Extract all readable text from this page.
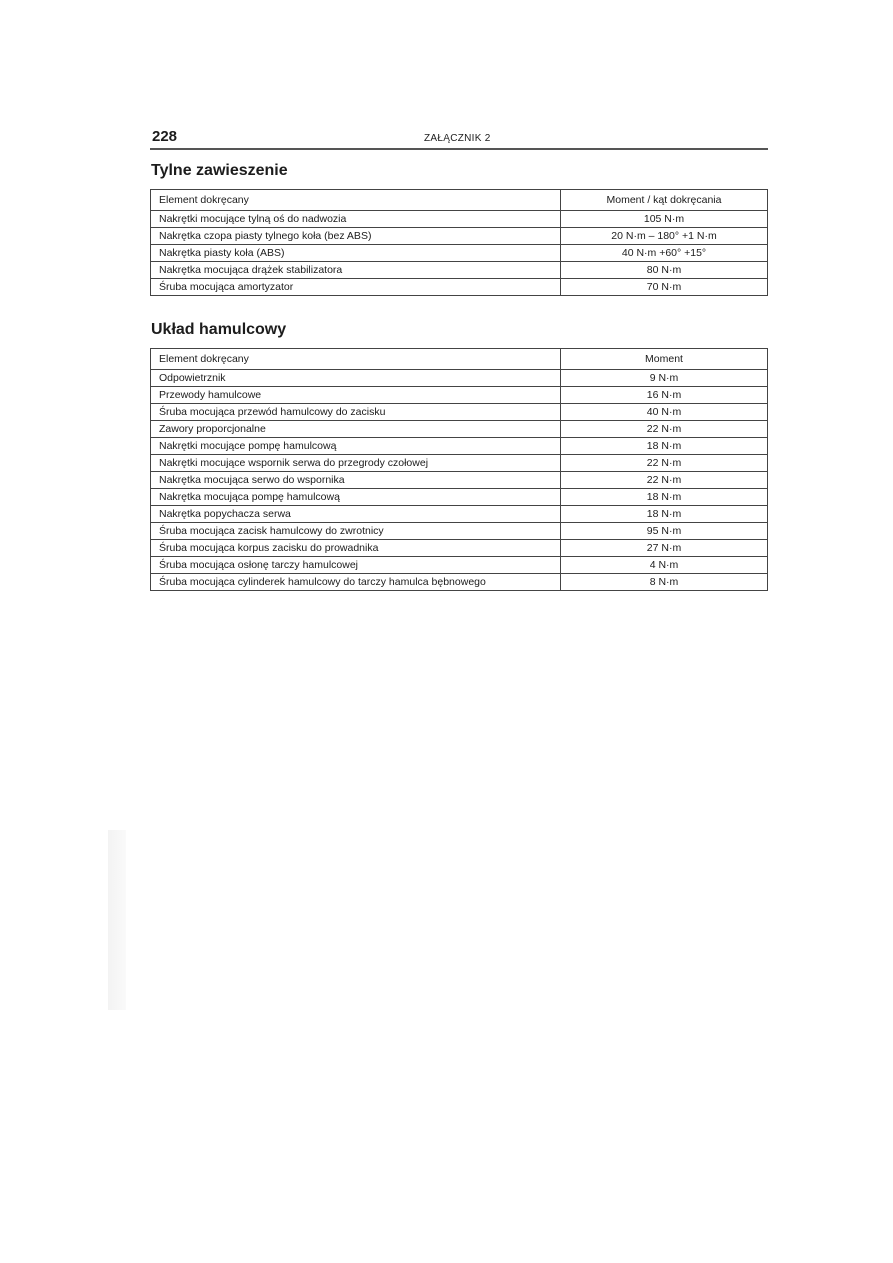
228	ZAŁĄCZNIK 2
Tylne zawieszenie
Element dokręcany	Moment / kąt dokręcania
Nakrętki mocujące tylną oś do nadwozia	105 N·m
Nakrętka czopa piasty tylnego koła (bez ABS)	20 N·m – 180° +1 N·m
Nakrętka piasty koła (ABS)	40 N·m +60° +15°
Nakrętka mocująca drążek stabilizatora	80 N·m
Śruba mocująca amortyzator	70 N·m
Układ hamulcowy
Element dokręcany	Moment
Odpowietrznik	9 N·m
Przewody hamulcowe	16 N·m
Śruba mocująca przewód hamulcowy do zacisku	40 N·m
Zawory proporcjonalne	22 N·m
Nakrętki mocujące pompę hamulcową	18 N·m
Nakrętki mocujące wspornik serwa do przegrody czołowej	22 N·m
Nakrętka mocująca serwo do wspornika	22 N·m
Nakrętka mocująca pompę hamulcową	18 N·m
Nakrętka popychacza serwa	18 N·m
Śruba mocująca zacisk hamulcowy do zwrotnicy	95 N·m
Śruba mocująca korpus zacisku do prowadnika	27 N·m
Śruba mocująca osłonę tarczy hamulcowej	4 N·m
Śruba mocująca cylinderek hamulcowy do tarczy hamulca bębnowego	8 N·m
